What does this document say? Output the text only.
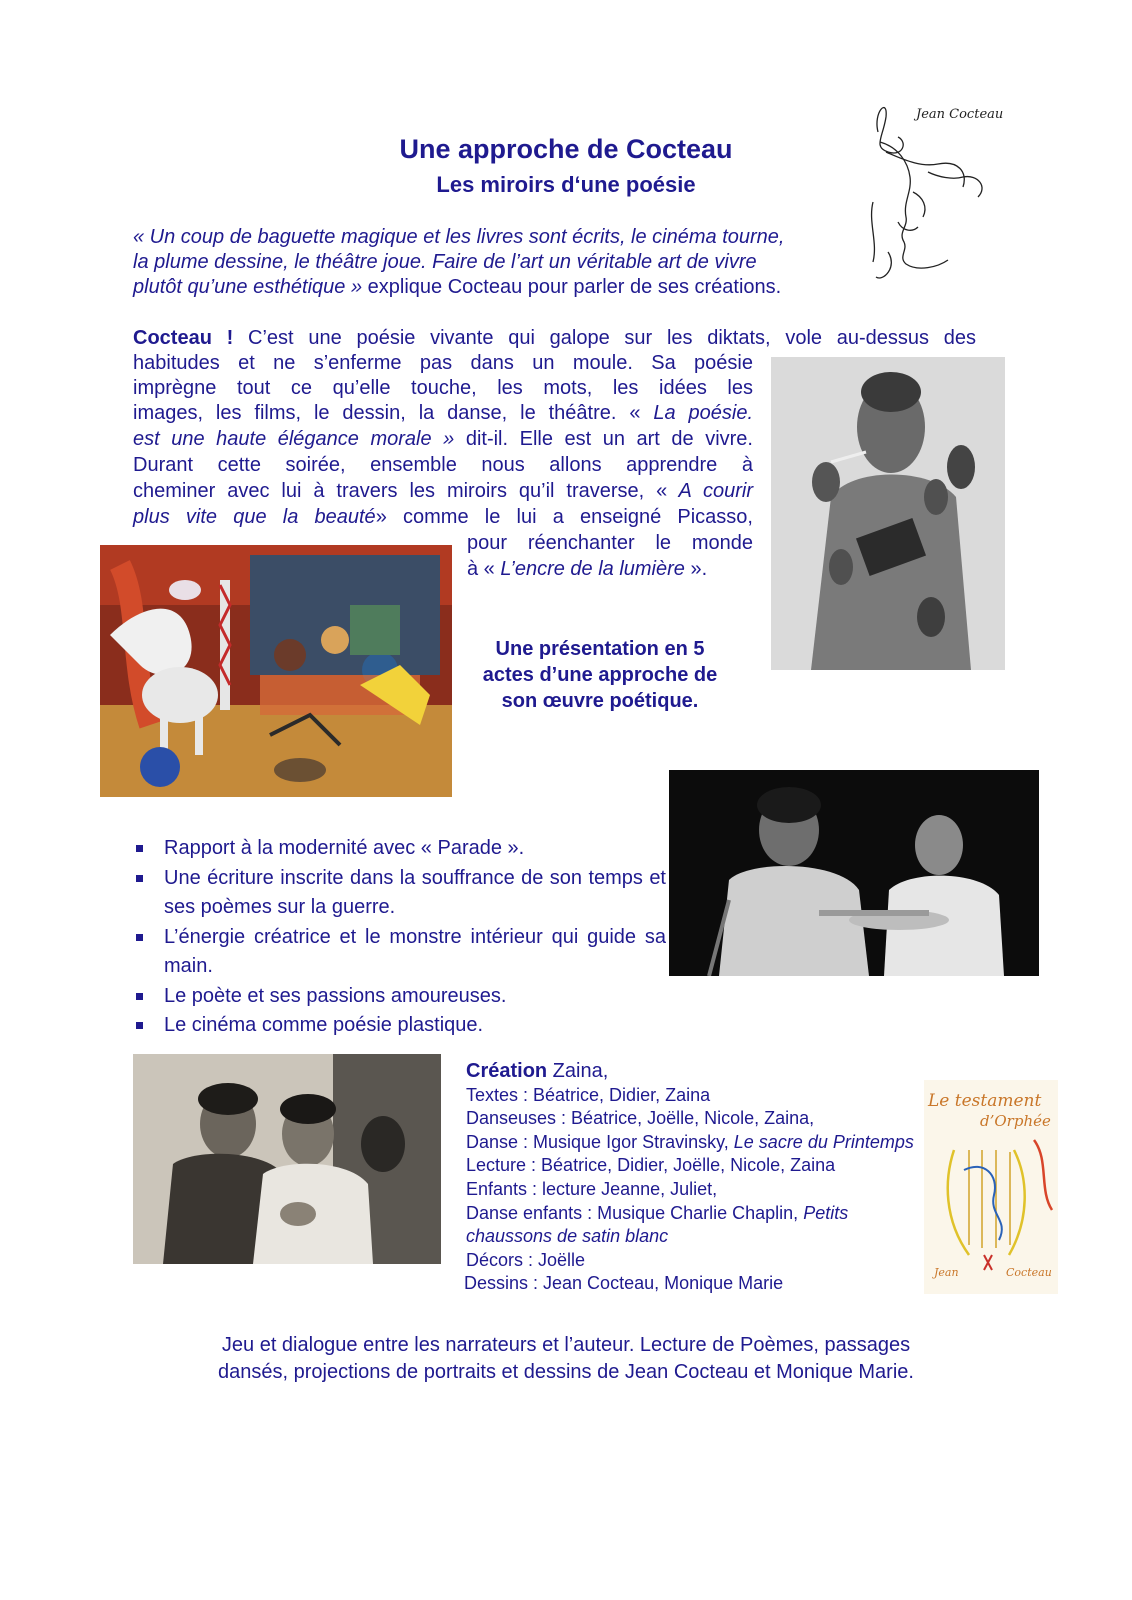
Une approche de Cocteau
Les miroirs d‘une poésie
Jean Cocteau
« Un coup de baguette magique et les livres sont écrits, le cinéma tourne,
la plume dessine, le théâtre joue. Faire de l’art un véritable art de vivre
plutôt qu’une esthétique » explique Cocteau pour parler de ses créations.
Cocteau ! C’est une poésie vivante qui galope sur les diktats, vole au-dessus des
habitudes et ne s’enferme pas dans un moule. Sa poésie
imprègne tout ce qu’elle touche, les mots, les idées les
images, les films, le dessin, la danse, le théâtre. « La poésie.
est une haute élégance morale » dit-il. Elle est un art de vivre.
Durant cette soirée, ensemble nous allons apprendre à
cheminer avec lui à travers les miroirs qu’il traverse, « A courir
plus vite que la beauté» comme le lui a enseigné Picasso,
pour réenchanter le monde
à « L’encre de la lumière ».
Une présentation en 5
actes d’une approche de
son œuvre poétique.
Rapport à la modernité avec « Parade ».
Une écriture inscrite dans la souffrance de son temps et ses poèmes sur la guerre.
L’énergie créatrice et le monstre intérieur qui guide sa main.
Le poète et ses passions amoureuses.
Le cinéma comme poésie plastique.
Création Zaina,
Textes : Béatrice, Didier, Zaina
Danseuses : Béatrice, Joëlle, Nicole, Zaina,
Danse : Musique Igor Stravinsky, Le sacre du Printemps
Lecture : Béatrice, Didier, Joëlle, Nicole, Zaina
Enfants : lecture Jeanne, Juliet,
Danse enfants : Musique Charlie Chaplin, Petits
chaussons de satin blanc
Décors : Joëlle
Dessins : Jean Cocteau, Monique Marie
Le testament
d’Orphée
Jean	Cocteau
Jeu et dialogue entre les narrateurs et l’auteur. Lecture de Poèmes, passages
dansés, projections de portraits et dessins de Jean Cocteau et Monique Marie.
